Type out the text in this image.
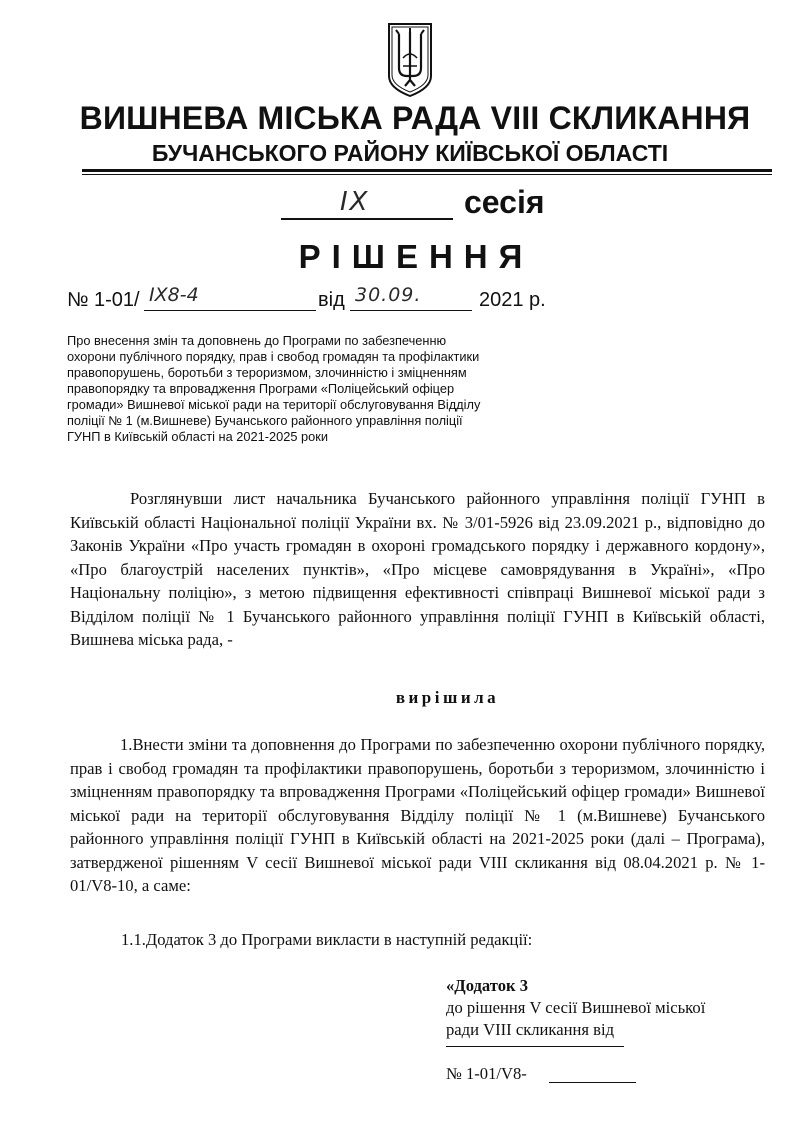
ВИШНЕВА МІСЬКА РАДА VIII СКЛИКАННЯ
БУЧАНСЬКОГО РАЙОНУ КИЇВСЬКОЇ ОБЛАСТІ
IX	сесія
РІШЕННЯ
№ 1-01/	від	2021 р.
IX8-4	30.09.
Про внесення змін та доповнень до Програми по забезпеченню охорони публічного порядку, прав і свобод громадян та профілактики правопорушень, боротьби з тероризмом, злочинністю і зміцненням правопорядку та впровадження Програми «Поліцейський офіцер громади» Вишневої міської ради на території обслуговування Відділу поліції № 1 (м.Вишневе) Бучанського районного управління поліції ГУНП в Київській області на 2021-2025 роки
Розглянувши лист начальника Бучанського районного управління поліції ГУНП в Київській області Національної поліції України вх. № 3/01-5926 від 23.09.2021 р., відповідно до Законів України «Про участь громадян в охороні громадського порядку і державного кордону», «Про благоустрій населених пунктів», «Про місцеве самоврядування в Україні», «Про Національну поліцію», з метою підвищення ефективності співпраці Вишневої міської ради з Відділом поліції № 1 Бучанського районного управління поліції ГУНП в Київській області, Вишнева міська рада, -
вирішила
1.Внести зміни та доповнення до Програми по забезпеченню охорони публічного порядку, прав і свобод громадян та профілактики правопорушень, боротьби з тероризмом, злочинністю і зміцненням правопорядку та впровадження Програми «Поліцейський офіцер громади» Вишневої міської ради на території обслуговування Відділу поліції № 1 (м.Вишневе) Бучанського районного управління поліції ГУНП в Київській області на 2021-2025 роки (далі – Програма), затвердженої рішенням V сесії Вишневої міської ради VIII скликання від 08.04.2021 р. № 1-01/V8-10, а саме:
1.1.Додаток 3 до Програми викласти в наступній редакції:
«Додаток 3
до рішення V сесії Вишневої міської
ради VIII скликання від
№ 1-01/V8-
